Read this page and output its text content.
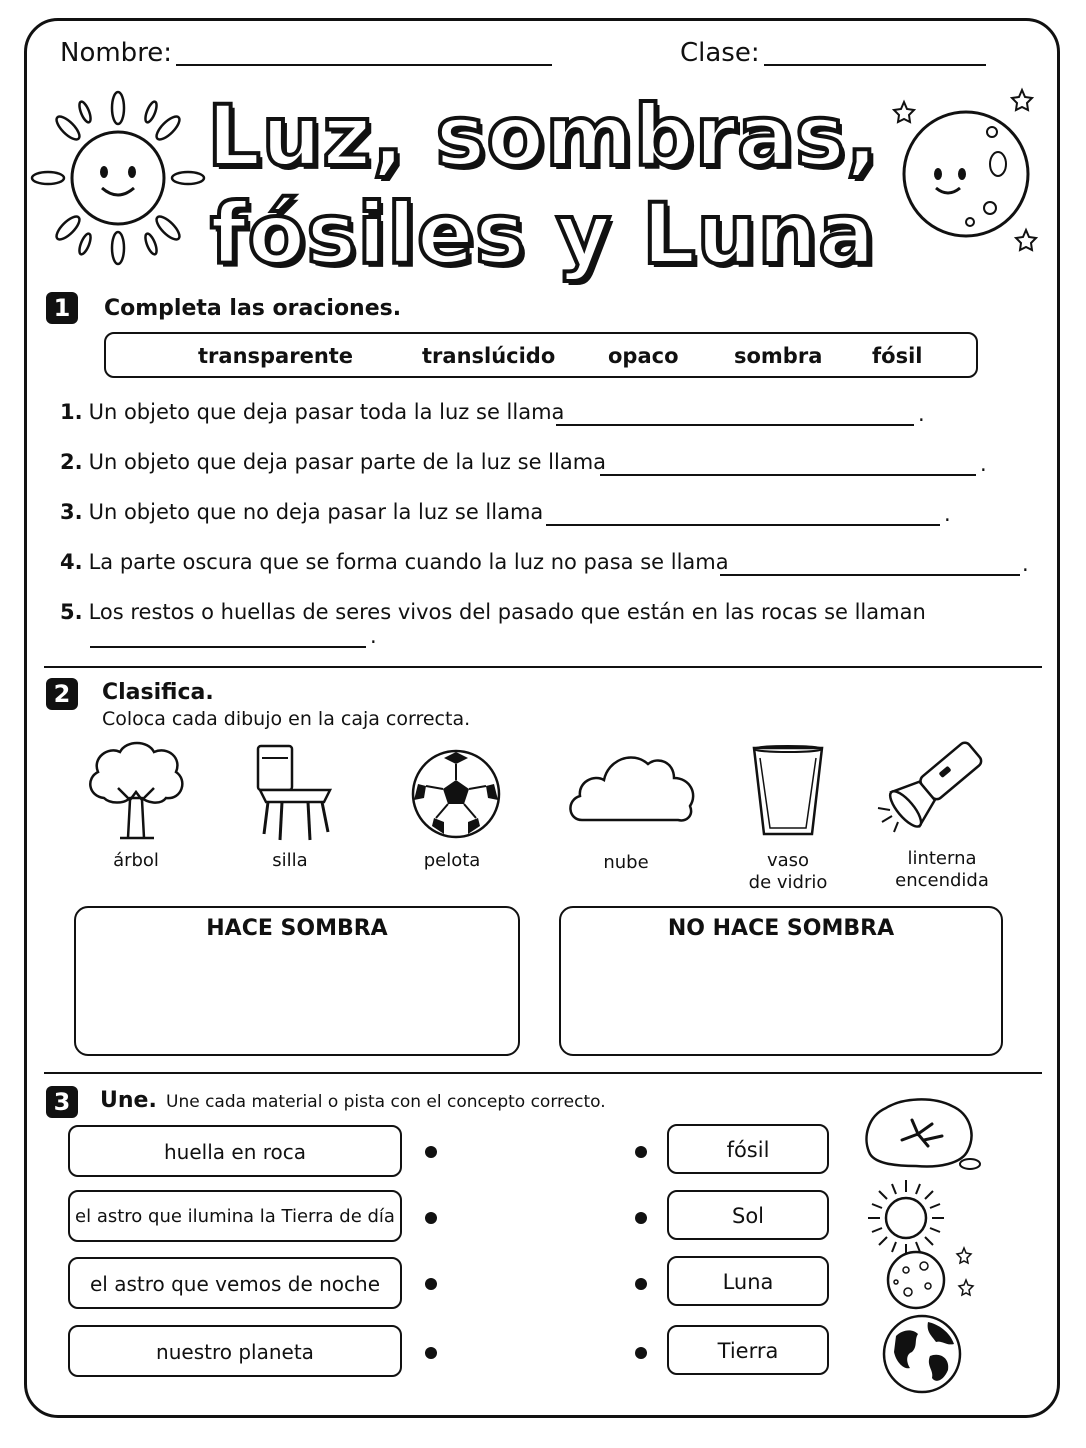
Nombre:	Clase:
Luz, sombras,
fósiles y Luna
1	Completa las oraciones.
transparente	translúcido	opaco	sombra fósil
1. Un objeto que deja pasar toda la luz se llama	.
2. Un objeto que deja pasar parte de la luz se llama	.
3. Un objeto que no deja pasar la luz se llama	.
4. La parte oscura que se forma cuando la luz no pasa se llama	.
5. Los restos o huellas de seres vivos del pasado que están en las rocas se llaman
.
2	Clasifica.
Coloca cada dibujo en la caja correcta.
árbol	silla	pelota	nube	vaso
de vidrio
linterna
encendida
HACE SOMBRA	NO HACE SOMBRA
3	Une. Une cada material o pista con el concepto correcto.
huella en roca
el astro que ilumina la Tierra de día
el astro que vemos de noche
nuestro planeta
fósil
Sol
Luna
Tierra
